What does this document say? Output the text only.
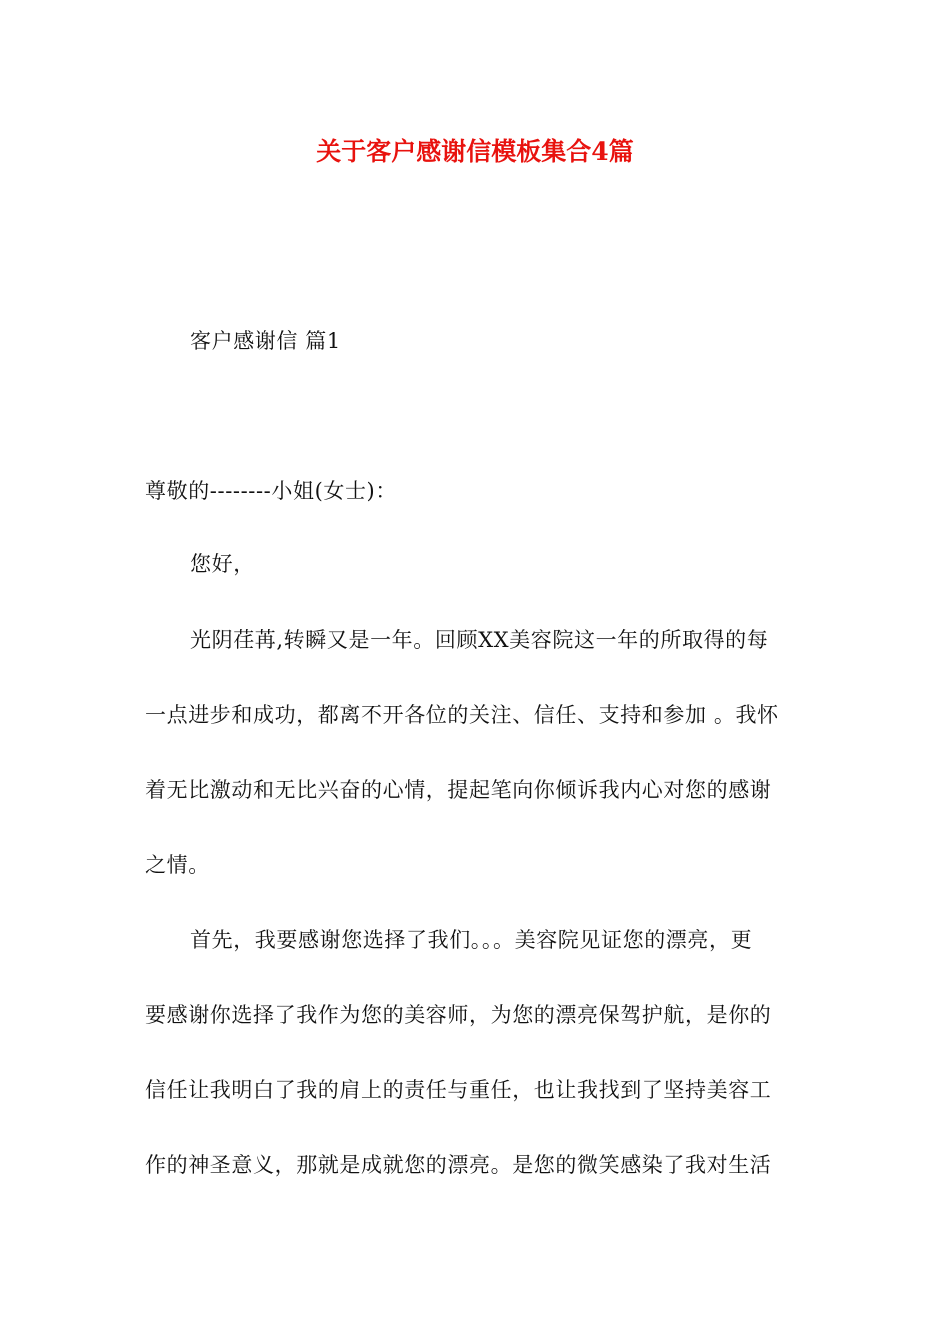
关于客户感谢信模板集合4篇
客户感谢信 篇1
尊敬的--------小姐(女士)：
您好，
光阴荏苒,转瞬又是一年。回顾XX美容院这一年的所取得的每
一点进步和成功，都离不开各位的关注、信任、支持和参加 。我怀
着无比激动和无比兴奋的心情，提起笔向你倾诉我内心对您的感谢
之情。
首先，我要感谢您选择了我们。。。美容院见证您的漂亮，更
要感谢你选择了我作为您的美容师，为您的漂亮保驾护航，是你的
信任让我明白了我的肩上的责任与重任，也让我找到了坚持美容工
作的神圣意义，那就是成就您的漂亮。是您的微笑感染了我对生活
